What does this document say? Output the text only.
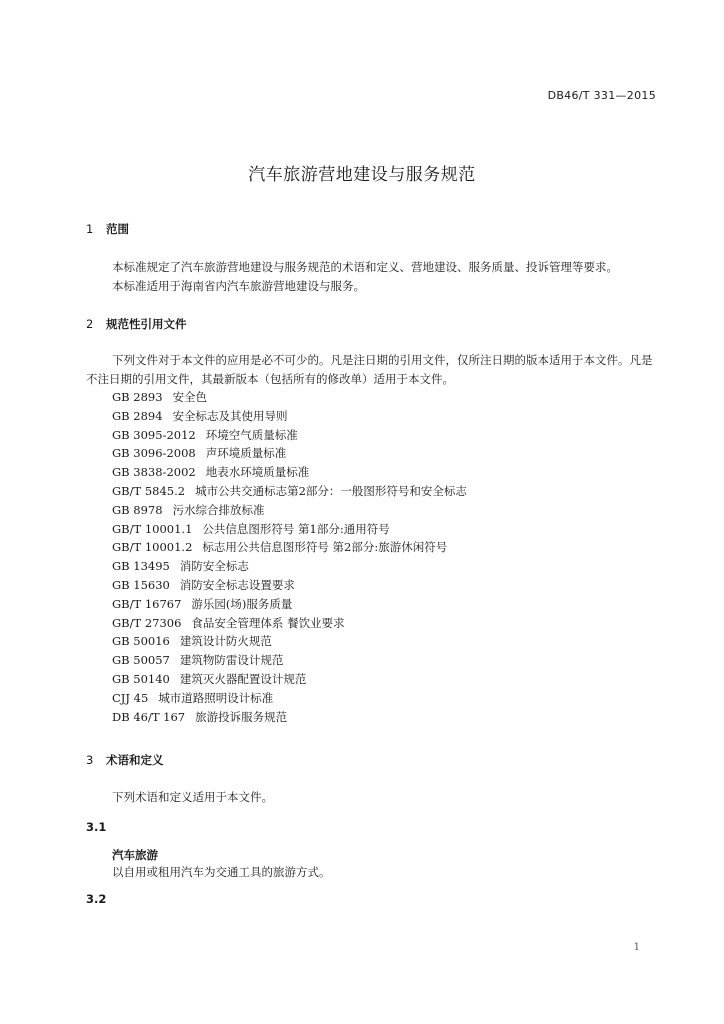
DB46/T 331—2015
汽车旅游营地建设与服务规范
1 范围

本标准规定了汽车旅游营地建设与服务规范的术语和定义、营地建设、服务质量、投诉管理等要求。

本标准适用于海南省内汽车旅游营地建设与服务。

2 规范性引用文件

下列文件对于本文件的应用是必不可少的。凡是注日期的引用文件，仅所注日期的版本适用于本文件。凡是不注日期的引用文件，其最新版本（包括所有的修改单）适用于本文件。

GB 2893 安全色
GB 2894 安全标志及其使用导则
GB 3095-2012 环境空气质量标准
GB 3096-2008 声环境质量标准
GB 3838-2002 地表水环境质量标准
GB/T 5845.2 城市公共交通标志第2部分：一般图形符号和安全标志
GB 8978 污水综合排放标准
GB/T 10001.1 公共信息图形符号 第1部分:通用符号
GB/T 10001.2 标志用公共信息图形符号 第2部分:旅游休闲符号
GB 13495 消防安全标志
GB 15630 消防安全标志设置要求
GB/T 16767 游乐园(场)服务质量
GB/T 27306 食品安全管理体系 餐饮业要求
GB 50016 建筑设计防火规范
GB 50057 建筑物防雷设计规范
GB 50140 建筑灭火器配置设计规范
CJJ 45 城市道路照明设计标准
DB 46/T 167 旅游投诉服务规范
3 术语和定义

下列术语和定义适用于本文件。

3.1
汽车旅游
以自用或租用汽车为交通工具的旅游方式。
3.2
1
